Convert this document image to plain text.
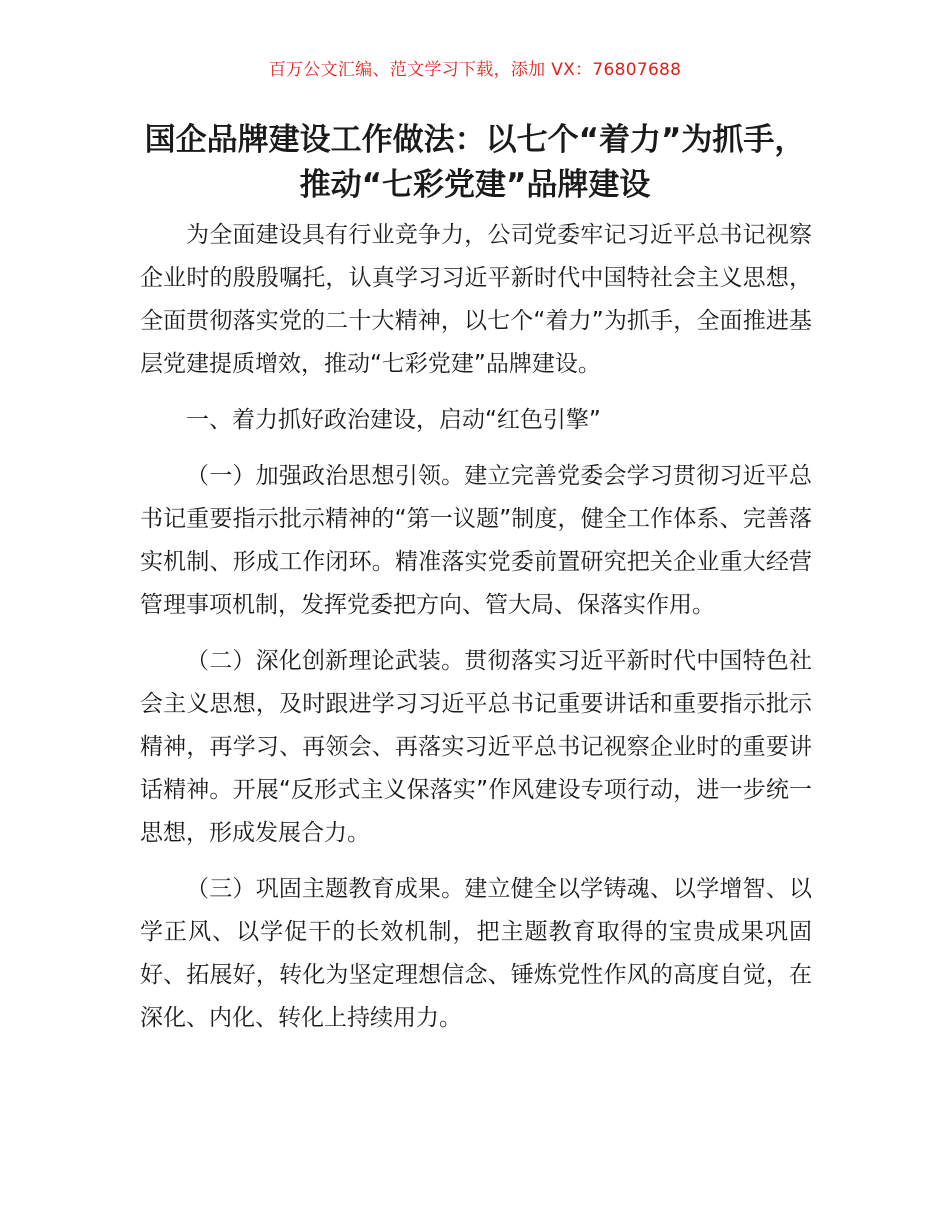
百万公文汇编、范文学习下载，添加 VX：76807688
国企品牌建设工作做法：以七个“着力”为抓手，推动“七彩党建”品牌建设

为全面建设具有行业竞争力，公司党委牢记习近平总书记视察企业时的殷殷嘱托，认真学习习近平新时代中国特社会主义思想，全面贯彻落实党的二十大精神，以七个“着力”为抓手，全面推进基层党建提质增效，推动“七彩党建”品牌建设。

一、着力抓好政治建设，启动“红色引擎”

（一）加强政治思想引领。建立完善党委会学习贯彻习近平总书记重要指示批示精神的“第一议题”制度，健全工作体系、完善落实机制、形成工作闭环。精准落实党委前置研究把关企业重大经营管理事项机制，发挥党委把方向、管大局、保落实作用。

（二）深化创新理论武装。贯彻落实习近平新时代中国特色社会主义思想，及时跟进学习习近平总书记重要讲话和重要指示批示精神，再学习、再领会、再落实习近平总书记视察企业时的重要讲话精神。开展“反形式主义保落实”作风建设专项行动，进一步统一思想，形成发展合力。

（三）巩固主题教育成果。建立健全以学铸魂、以学增智、以学正风、以学促干的长效机制，把主题教育取得的宝贵成果巩固好、拓展好，转化为坚定理想信念、锤炼党性作风的高度自觉，在深化、内化、转化上持续用力。
